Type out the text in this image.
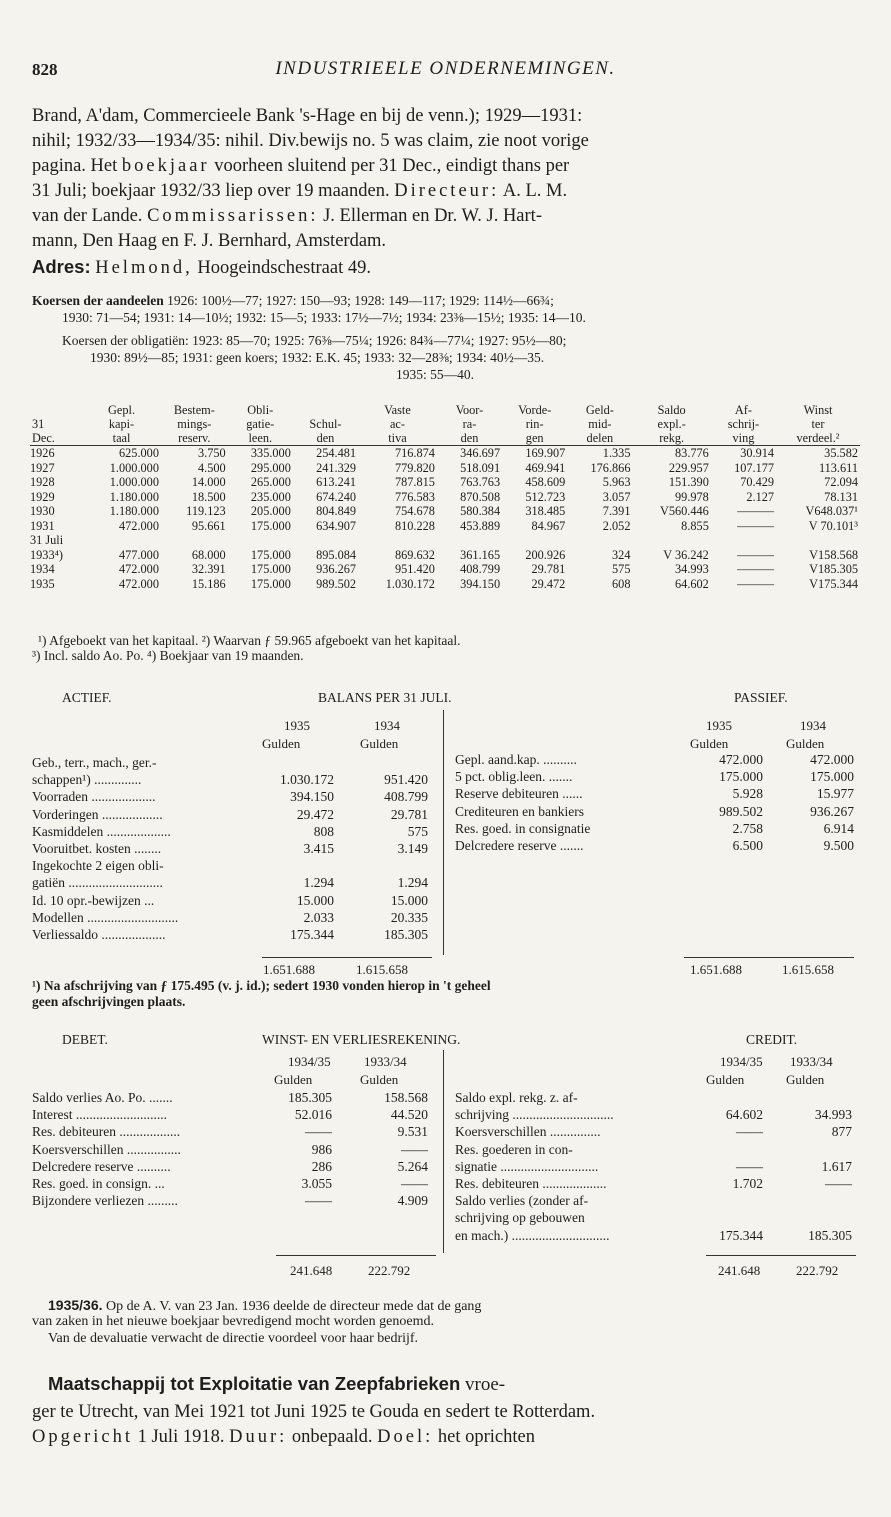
828	INDUSTRIEELE ONDERNEMINGEN.
Brand, A'dam, Commercieele Bank 's-Hage en bij de venn.); 1929—1931:
nihil; 1932/33—1934/35: nihil. Div.bewijs no. 5 was claim, zie noot vorige
pagina. Het boekjaar voorheen sluitend per 31 Dec., eindigt thans per
31 Juli; boekjaar 1932/33 liep over 19 maanden. Directeur: A. L. M.
van der Lande. Commissarissen: J. Ellerman en Dr. W. J. Hart-
mann, Den Haag en F. J. Bernhard, Amsterdam.
Adres: Helmond, Hoogeindschestraat 49.
Koersen der aandeelen 1926: 100½—77; 1927: 150—93; 1928: 149—117; 1929: 114½—66¾;
1930: 71—54; 1931: 14—10½; 1932: 15—5; 1933: 17½—7½; 1934: 23⅜—15½; 1935: 14—10.
Koersen der obligatiën: 1923: 85—70; 1925: 76⅜—75¼; 1926: 84¾—77¼; 1927: 95½—80;
1930: 89½—85; 1931: geen koers; 1932: E.K. 45; 1933: 32—28⅜; 1934: 40½—35.
1935: 55—40.
	Gepl.	Bestem-	Obli-		Vaste	Voor-	Vorde-	Geld-	Saldo	Af-	Winst
31	kapi-	mings-	gatie-	Schul-	ac-	ra-	rin-	mid-	expl.-	schrij-	ter
Dec.	taal	reserv.	leen.	den	tiva	den	gen	delen	rekg.	ving	verdeel.²

1926	625.000	3.750	335.000	254.481	716.874	346.697	169.907	1.335	83.776	30.914	35.582
1927	1.000.000	4.500	295.000	241.329	779.820	518.091	469.941	176.866	229.957	107.177	113.611
1928	1.000.000	14.000	265.000	613.241	787.815	763.763	458.609	5.963	151.390	70.429	72.094
1929	1.180.000	18.500	235.000	674.240	776.583	870.508	512.723	3.057	99.978	2.127	78.131
1930	1.180.000	119.123	205.000	804.849	754.678	580.384	318.485	7.391	V560.446	———	V648.037¹
1931	472.000	95.661	175.000	634.907	810.228	453.889	84.967	2.052	8.855	———	V 70.101³
31 Juli											
1933⁴)	477.000	68.000	175.000	895.084	869.632	361.165	200.926	324	V 36.242	———	V158.568
1934	472.000	32.391	175.000	936.267	951.420	408.799	29.781	575	34.993	———	V185.305
1935	472.000	15.186	175.000	989.502	1.030.172	394.150	29.472	608	64.602	———	V175.344
¹) Afgeboekt van het kapitaal. ²) Waarvan ƒ 59.965 afgeboekt van het kapitaal.
³) Incl. saldo Ao. Po. ⁴) Boekjaar van 19 maanden.
ACTIEF.	BALANS PER 31 JULI.	PASSIEF.
1935	1934
Gulden	Gulden
1935	1934
Gulden	Gulden
Geb., terr., mach., ger.-
schappen¹) ..............	1.030.172	951.420
Voorraden ...................	394.150	408.799
Vorderingen ..................	29.472	29.781
Kasmiddelen ...................	808	575
Vooruitbet. kosten ........	3.415	3.149
Ingekochte 2 eigen obli-
gatiën ............................	1.294	1.294
Id. 10 opr.-bewijzen ...	15.000	15.000
Modellen ...........................	2.033	20.335
Verliessaldo ...................	175.344	185.305
Gepl. aand.kap. ..........	472.000	472.000
5 pct. oblig.leen. .......	175.000	175.000
Reserve debiteuren ......	5.928	15.977
Crediteuren en bankiers	989.502	936.267
Res. goed. in consignatie	2.758	6.914
Delcredere reserve .......	6.500	9.500
1.651.688	1.615.658	1.651.688	1.615.658
¹) Na afschrijving van ƒ 175.495 (v. j. id.); sedert 1930 vonden hierop in 't geheel
geen afschrijvingen plaats.
DEBET.	WINST- EN VERLIESREKENING.	CREDIT.
1934/35	1933/34
Gulden	Gulden
1934/35 1933/34
Gulden	Gulden
Saldo verlies Ao. Po. .......	185.305	158.568
Interest ...........................	52.016	44.520
Res. debiteuren ..................	——	9.531
Koersverschillen ................	986	——
Delcredere reserve ..........	286	5.264
Res. goed. in consign. ...	3.055	——
Bijzondere verliezen .........	——	4.909
Saldo expl. rekg. z. af-
schrijving ..............................	64.602	34.993
Koersverschillen ...............	——	877
Res. goederen in con-
signatie .............................	——	1.617
Res. debiteuren ...................	1.702	——
Saldo verlies (zonder af-
schrijving op gebouwen
en mach.) .............................	175.344	185.305
241.648	222.792	241.648	222.792
1935/36. Op de A. V. van 23 Jan. 1936 deelde de directeur mede dat de gang
van zaken in het nieuwe boekjaar bevredigend mocht worden genoemd.
Van de devaluatie verwacht de directie voordeel voor haar bedrijf.
Maatschappij tot Exploitatie van Zeepfabrieken vroe-
ger te Utrecht, van Mei 1921 tot Juni 1925 te Gouda en sedert te Rotterdam.
Opgericht 1 Juli 1918. Duur: onbepaald. Doel: het oprichten
